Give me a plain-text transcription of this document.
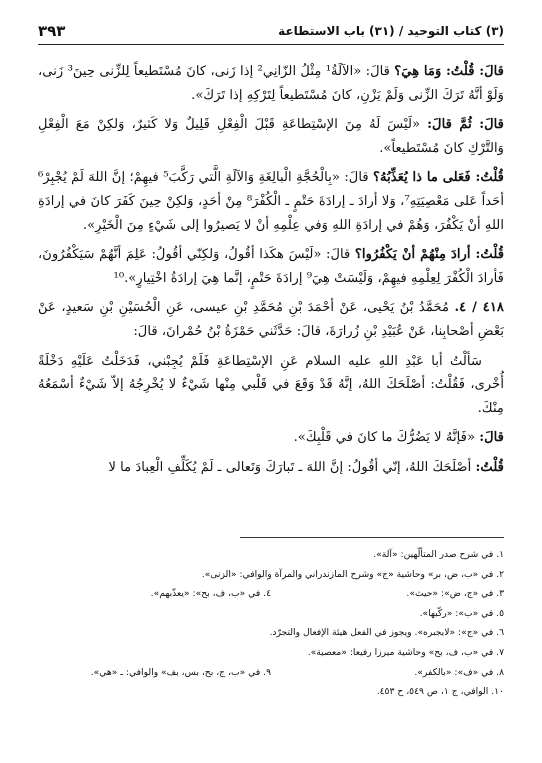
(٣) كتاب التوحيد / (٣١) باب الاستطاعة
٣٩٣

قالَ: قُلْتُ: وَمَا هِيَ؟ قالَ: «الآلَةُ¹ مِثْلُ الزّانِي² إذا زَنى، كانَ مُسْتَطيعاً لِلزِّنى حِينَ³ زَنى، وَلَوْ أنَّهُ تَرَكَ الزِّنى وَلَمْ يَزْنِ، كانَ مُسْتَطيعاً لِتَرْكِهِ إذا تَرَكَ».

قالَ: ثُمَّ قالَ: «لَيْسَ لَهُ مِنَ الإسْتِطاعَةِ قَبْلَ الْفِعْلِ قَلِيلٌ وَلا كَثيرٌ، وَلكِنْ مَعَ الْفِعْلِ وَالتَّرْكِ كانَ مُسْتَطيعاً».

قُلْتُ: فَعَلى ما ذا يُعَذِّبُهُ؟ قالَ: «بِالْحُجَّةِ الْبالِغَةِ وَالآلَةِ الَّتي رَكَّبَ⁵ فيهِمْ؛ إنَّ اللهَ لَمْ يُجْبِرْ⁶ أحَداً عَلى مَعْصِيَتِهِ⁷، وَلا أرادَ ـ إرادَةَ حَتْمٍ ـ الْكُفْرَ⁸ مِنْ أحَدٍ، وَلكِنْ حِينَ كَفَرَ كانَ في إرادَةِ اللهِ أنْ يَكْفُرَ، وَهُمْ في إرادَةِ اللهِ وَفي عِلْمِهِ أنْ لا يَصيرُوا إلى شَيْءٍ مِنَ الْخَيْرِ».

قُلْتُ: أرادَ مِنْهُمْ أنْ يَكْفُرُوا؟ قالَ: «لَيْسَ هكَذا أقُولُ، وَلكِنّي أقُولُ: عَلِمَ أنَّهُمْ سَيَكْفُرُونَ، فَأرادَ الْكُفْرَ لِعِلْمِهِ فيهِمْ، وَلَيْسَتْ هِيَ⁹ إرادَةَ حَتْمٍ، إنَّما هِيَ إرادَةُ اخْتِيارٍ».¹⁰

٤١٨ / ٤. مُحَمَّدُ بْنُ يَحْيى، عَنْ أحْمَدَ بْنِ مُحَمَّدِ بْنِ عيسى، عَنِ الْحُسَيْنِ بْنِ سَعيدٍ، عَنْ بَعْضِ أصْحابِنا، عَنْ عُبَيْدِ بْنِ زُرارَةَ، قالَ: حَدَّثَني حَمْزَةُ بْنُ حُمْرانَ، قالَ:

سَألْتُ أبا عَبْدِ اللهِ عليه السلام عَنِ الإسْتِطاعَةِ فَلَمْ يُجِبْني، فَدَخَلْتُ عَلَيْهِ دَخْلَةً أُخْرى، فَقُلْتُ: أصْلَحَكَ اللهُ، إنَّهُ قَدْ وَقَعَ في قَلْبي مِنْها شَيْءٌ لا يُخْرِجُهُ إلاّ شَيْءٌ أسْمَعُهُ مِنْكَ.

قالَ: «فَإنَّهُ لا يَضُرُّكَ ما كانَ في قَلْبِكَ».

قُلْتُ: أصْلَحَكَ اللهُ، إنّي أقُولُ: إنَّ اللهَ ـ تَبارَكَ وَتَعالى ـ لَمْ يُكَلِّفِ الْعِبادَ ما لا

١. في شرح صدر المتألّهين: «آلة».
٢. في «ب، ض، بر» وحاشية «ج» وشرح المازندراني والمرآة والوافي: «الزنى».
٣. في «ج، ض»: «حيث».
٤. في «ب، ف، بح»: «يعذّبهم».
٥. في «ب»: «ركّبها».
٦. في «ج»: «لايجبره». ويجوز في الفعل هيئة الإفعال والتجرّد.
٧. في «ب، ف، بح» وحاشية ميرزا رفيعا: «معصية».
٨. في «ف»: «بالكفر».
٩. في «ب، ج، بح، بس، بف» والوافي: ـ «هي».
١٠. الوافي، ج ١، ص ٥٤٩، ح ٤٥٣.
